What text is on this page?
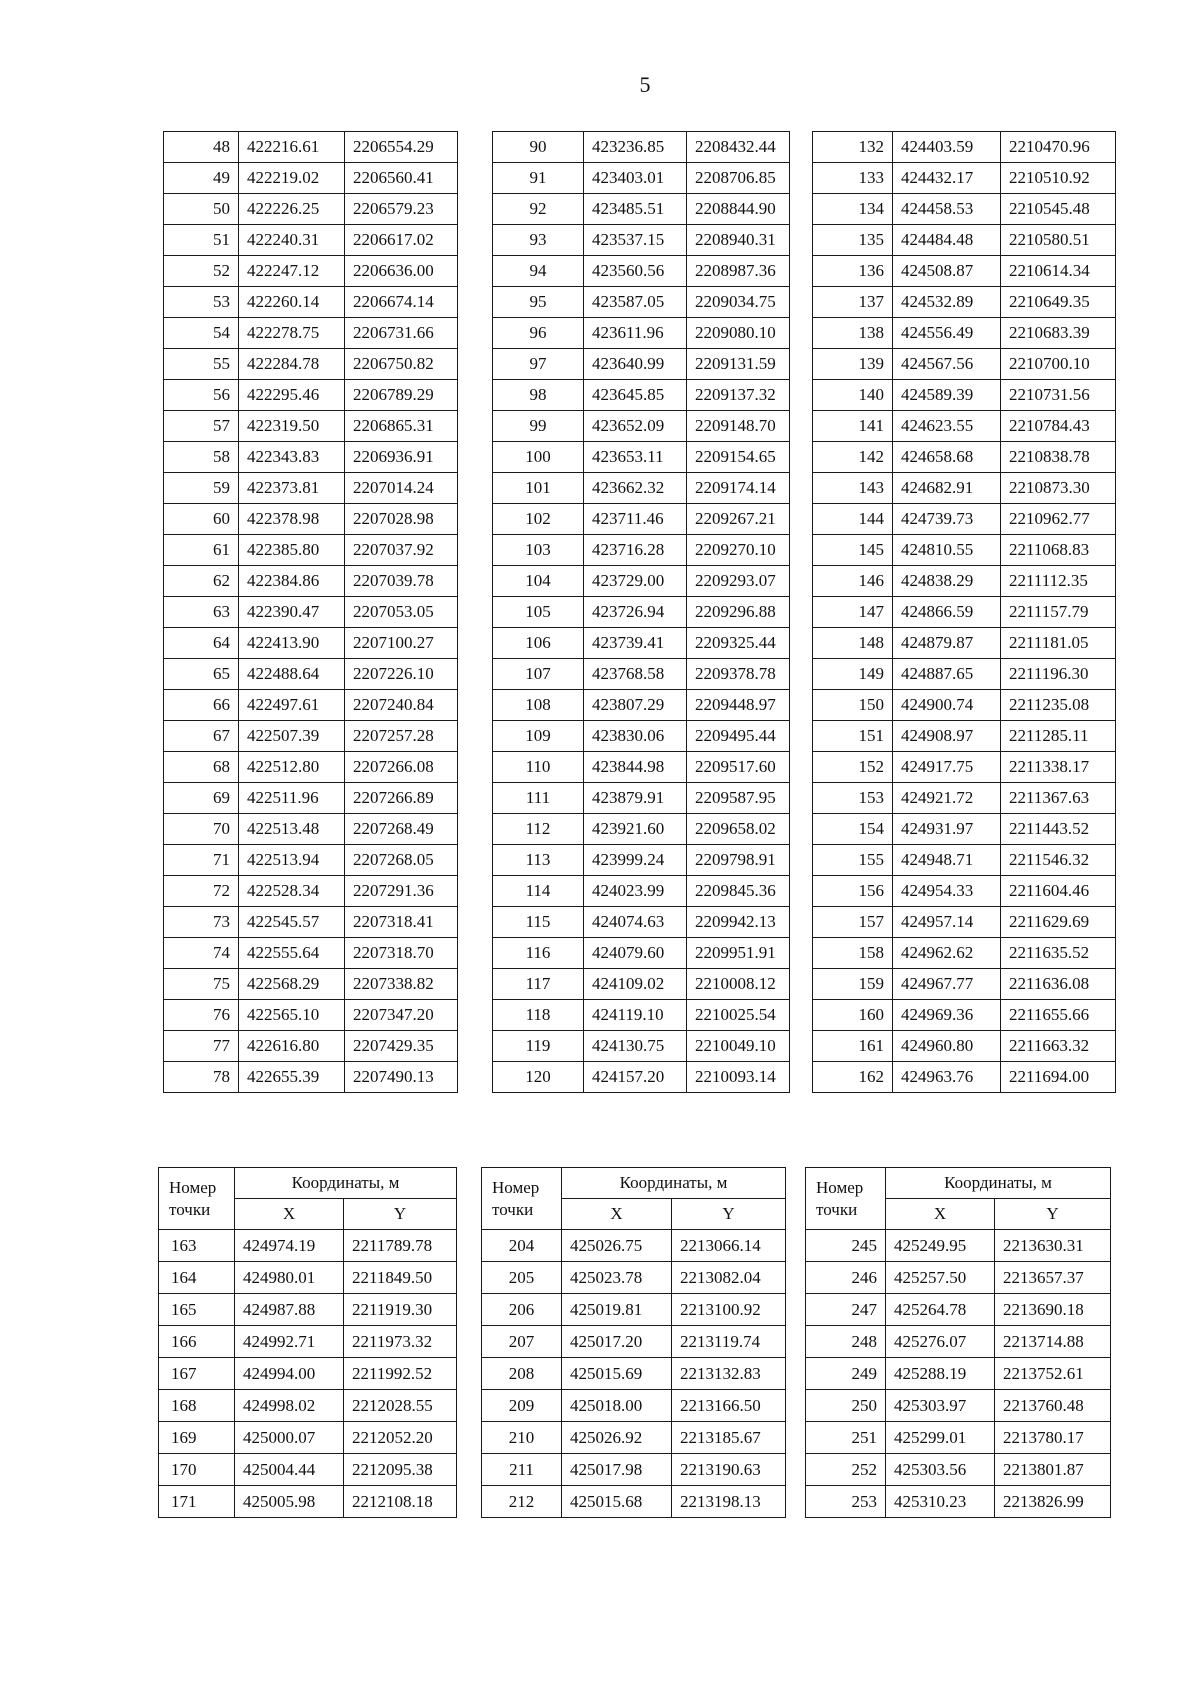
5
48	422216.61	2206554.29
49	422219.02	2206560.41
50	422226.25	2206579.23
51	422240.31	2206617.02
52	422247.12	2206636.00
53	422260.14	2206674.14
54	422278.75	2206731.66
55	422284.78	2206750.82
56	422295.46	2206789.29
57	422319.50	2206865.31
58	422343.83	2206936.91
59	422373.81	2207014.24
60	422378.98	2207028.98
61	422385.80	2207037.92
62	422384.86	2207039.78
63	422390.47	2207053.05
64	422413.90	2207100.27
65	422488.64	2207226.10
66	422497.61	2207240.84
67	422507.39	2207257.28
68	422512.80	2207266.08
69	422511.96	2207266.89
70	422513.48	2207268.49
71	422513.94	2207268.05
72	422528.34	2207291.36
73	422545.57	2207318.41
74	422555.64	2207318.70
75	422568.29	2207338.82
76	422565.10	2207347.20
77	422616.80	2207429.35
78	422655.39	2207490.13
90	423236.85	2208432.44
91	423403.01	2208706.85
92	423485.51	2208844.90
93	423537.15	2208940.31
94	423560.56	2208987.36
95	423587.05	2209034.75
96	423611.96	2209080.10
97	423640.99	2209131.59
98	423645.85	2209137.32
99	423652.09	2209148.70
100	423653.11	2209154.65
101	423662.32	2209174.14
102	423711.46	2209267.21
103	423716.28	2209270.10
104	423729.00	2209293.07
105	423726.94	2209296.88
106	423739.41	2209325.44
107	423768.58	2209378.78
108	423807.29	2209448.97
109	423830.06	2209495.44
110	423844.98	2209517.60
111	423879.91	2209587.95
112	423921.60	2209658.02
113	423999.24	2209798.91
114	424023.99	2209845.36
115	424074.63	2209942.13
116	424079.60	2209951.91
117	424109.02	2210008.12
118	424119.10	2210025.54
119	424130.75	2210049.10
120	424157.20	2210093.14
132	424403.59	2210470.96
133	424432.17	2210510.92
134	424458.53	2210545.48
135	424484.48	2210580.51
136	424508.87	2210614.34
137	424532.89	2210649.35
138	424556.49	2210683.39
139	424567.56	2210700.10
140	424589.39	2210731.56
141	424623.55	2210784.43
142	424658.68	2210838.78
143	424682.91	2210873.30
144	424739.73	2210962.77
145	424810.55	2211068.83
146	424838.29	2211112.35
147	424866.59	2211157.79
148	424879.87	2211181.05
149	424887.65	2211196.30
150	424900.74	2211235.08
151	424908.97	2211285.11
152	424917.75	2211338.17
153	424921.72	2211367.63
154	424931.97	2211443.52
155	424948.71	2211546.32
156	424954.33	2211604.46
157	424957.14	2211629.69
158	424962.62	2211635.52
159	424967.77	2211636.08
160	424969.36	2211655.66
161	424960.80	2211663.32
162	424963.76	2211694.00
Номер
точки	Координаты, м	
	X	Y
163	424974.19	2211789.78
164	424980.01	2211849.50
165	424987.88	2211919.30
166	424992.71	2211973.32
167	424994.00	2211992.52
168	424998.02	2212028.55
169	425000.07	2212052.20
170	425004.44	2212095.38
171	425005.98	2212108.18
Номер
точки	Координаты, м	
	X	Y
204	425026.75	2213066.14
205	425023.78	2213082.04
206	425019.81	2213100.92
207	425017.20	2213119.74
208	425015.69	2213132.83
209	425018.00	2213166.50
210	425026.92	2213185.67
211	425017.98	2213190.63
212	425015.68	2213198.13
Номер
точки	Координаты, м	
	X	Y
245	425249.95	2213630.31
246	425257.50	2213657.37
247	425264.78	2213690.18
248	425276.07	2213714.88
249	425288.19	2213752.61
250	425303.97	2213760.48
251	425299.01	2213780.17
252	425303.56	2213801.87
253	425310.23	2213826.99
